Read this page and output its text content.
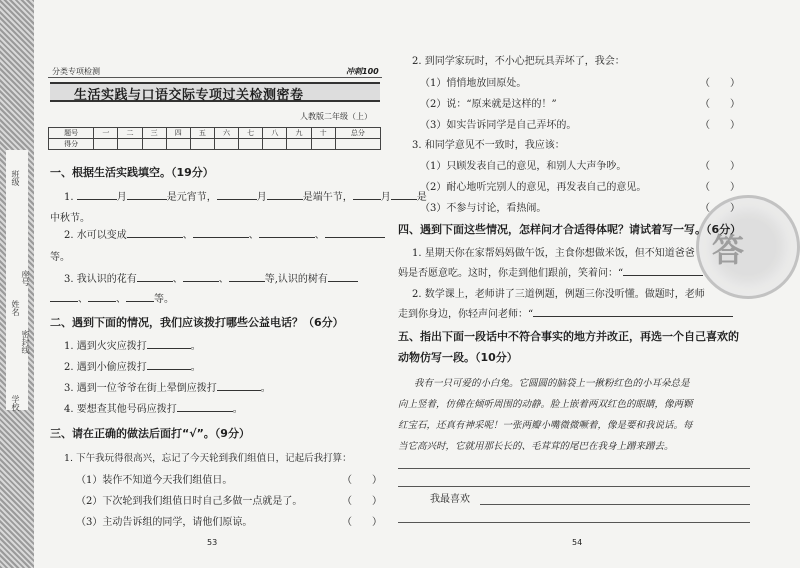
班级
姓名
学校
座号
密封线
分类专项检测	冲刺100
生活实践与口语交际专项过关检测密卷
人教版二年级（上）
题号	一	二	三	四	五	六	七	八	九	十	总分
得分											
一、根据生活实践填空。（19分）
1.	月	是元宵节，	月	是端午节，	月	是
中秋节。
2. 水可以变成	、	、	、
等。
3. 我认识的花有	、	、	等,认识的树有
、	、	等。
二、遇到下面的情况，我们应该拨打哪些公益电话？（6分）
1. 遇到火灾应拨打	。
2. 遇到小偷应拨打	。
3. 遇到一位爷爷在街上晕倒应拨打	。
4. 要想查其他号码应拨打	。
三、请在正确的做法后面打“√”。（9分）
1. 下午我玩得很高兴，忘记了今天轮到我们组值日，记起后我打算：
（1）装作不知道今天我们组值日。
（2）下次轮到我们组值日时自己多做一点就是了。
（3）主动告诉组的同学，请他们原谅。
（　　）
（　　）
（　　）
53
答
2. 到同学家玩时，不小心把玩具弄坏了，我会：
（1）悄悄地放回原处。
（2）说：“原来就是这样的！”
（3）如实告诉同学是自己弄坏的。
（　　）
（　　）
（　　）
3. 和同学意见不一致时，我应该：
（1）只顾发表自己的意见，和别人大声争吵。
（2）耐心地听完别人的意见，再发表自己的意见。
（3）不参与讨论，看热闹。
（　　）
（　　）
（　　）
四、遇到下面这些情况，怎样问才合适得体呢？请试着写一写。（6分）
1. 星期天你在家帮妈妈做午饭，主食你想做米饭，但不知道爸爸
妈是否愿意吃。这时，你走到他们跟前，笑着问：“
2. 数学课上，老师讲了三道例题，例题三你没听懂。做题时，老师
走到你身边，你轻声问老师：“
五、指出下面一段话中不符合事实的地方并改正，再选一个自己喜欢的
动物仿写一段。（10分）
我有一只可爱的小白兔。它圆圆的脑袋上一揪粉红色的小耳朵总是
向上竖着，仿佛在倾听周围的动静。脸上嵌着两双红色的眼睛，像两颗
红宝石，还真有神采呢！一张两瓣小嘴微微噘着，像是要和我说话。每
当它高兴时，它就用那长长的、毛茸茸的尾巴在我身上蹭来蹭去。
我最喜欢
54
